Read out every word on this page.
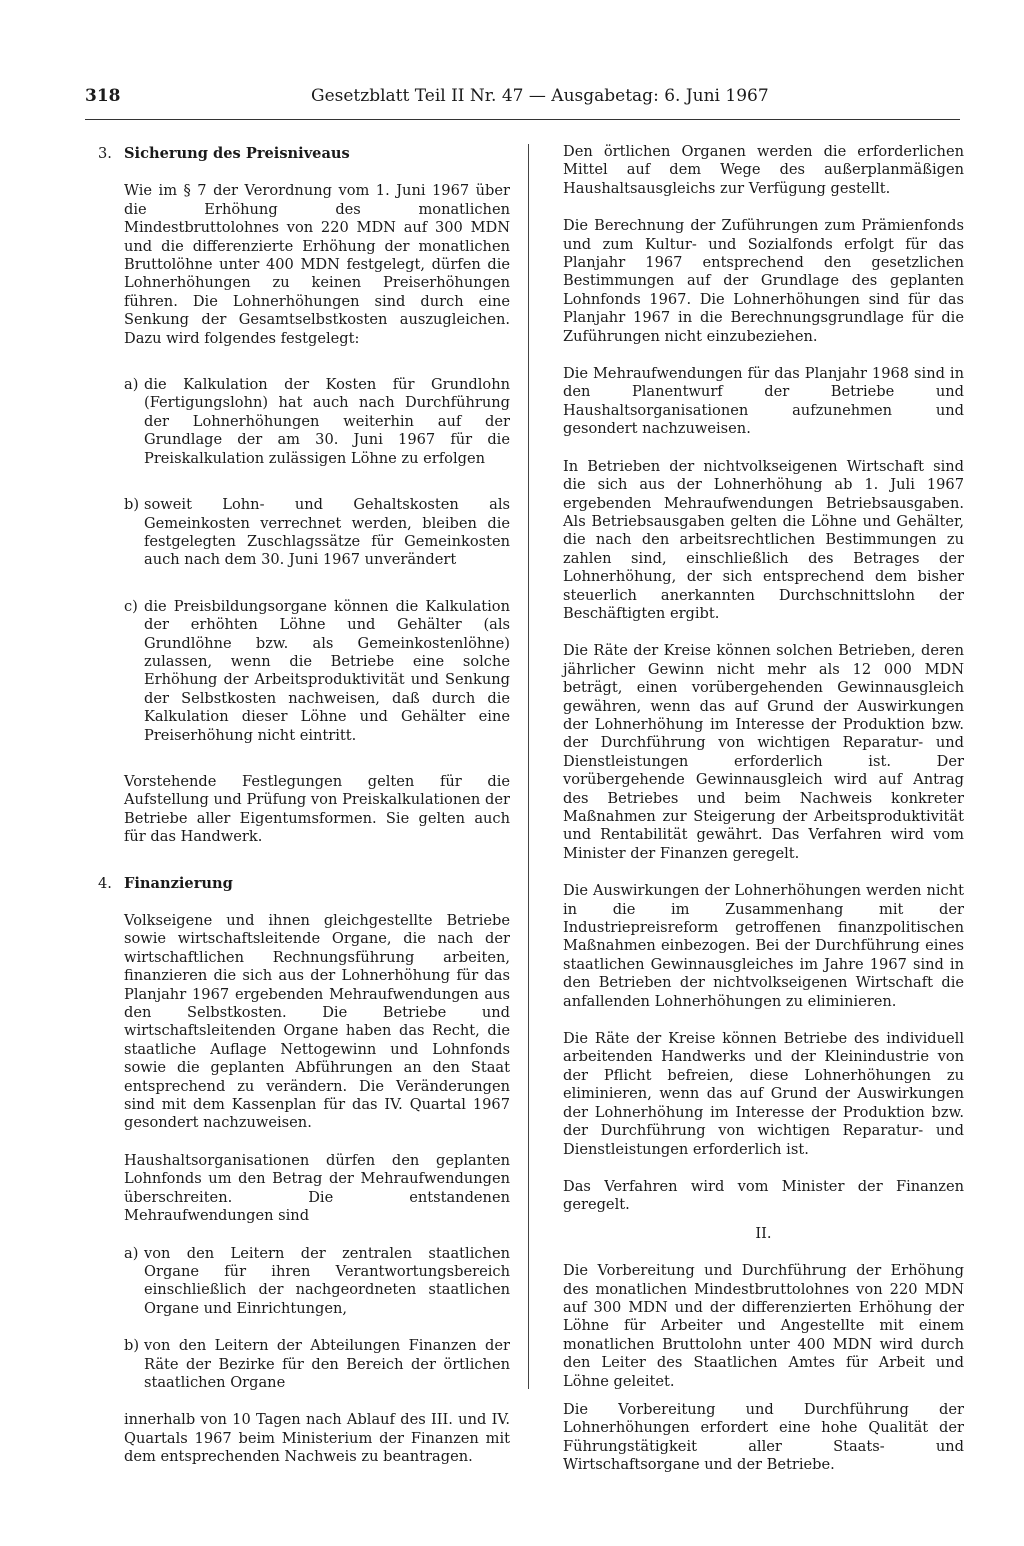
318	Gesetzblatt Teil II Nr. 47 — Ausgabetag: 6. Juni 1967

3. Sicherung des Preisniveaus

Wie im § 7 der Verordnung vom 1. Juni 1967 über die Erhöhung des monatlichen Mindestbruttolohnes von 220 MDN auf 300 MDN und die differenzierte Erhöhung der monatlichen Bruttolöhne unter 400 MDN festgelegt, dürfen die Lohnerhöhungen zu keinen Preiserhöhungen führen. Die Lohnerhöhungen sind durch eine Senkung der Gesamtselbstkosten auszugleichen. Dazu wird folgendes festgelegt:

a) die Kalkulation der Kosten für Grundlohn (Fertigungslohn) hat auch nach Durchführung der Lohnerhöhungen weiterhin auf der Grundlage der am 30. Juni 1967 für die Preiskalkulation zulässigen Löhne zu erfolgen
b) soweit Lohn- und Gehaltskosten als Gemeinkosten verrechnet werden, bleiben die festgelegten Zuschlagssätze für Gemeinkosten auch nach dem 30. Juni 1967 unverändert
c) die Preisbildungsorgane können die Kalkulation der erhöhten Löhne und Gehälter (als Grundlöhne bzw. als Gemeinkostenlöhne) zulassen, wenn die Betriebe eine solche Erhöhung der Arbeitsproduktivität und Senkung der Selbstkosten nachweisen, daß durch die Kalkulation dieser Löhne und Gehälter eine Preiserhöhung nicht eintritt.

Vorstehende Festlegungen gelten für die Aufstellung und Prüfung von Preiskalkulationen der Betriebe aller Eigentumsformen. Sie gelten auch für das Handwerk.

4. Finanzierung

Volkseigene und ihnen gleichgestellte Betriebe sowie wirtschaftsleitende Organe, die nach der wirtschaftlichen Rechnungsführung arbeiten, finanzieren die sich aus der Lohnerhöhung für das Planjahr 1967 ergebenden Mehraufwendungen aus den Selbstkosten. Die Betriebe und wirtschaftsleitenden Organe haben das Recht, die staatliche Auflage Nettogewinn und Lohnfonds sowie die geplanten Abführungen an den Staat entsprechend zu verändern. Die Veränderungen sind mit dem Kassenplan für das IV. Quartal 1967 gesondert nachzuweisen.

Haushaltsorganisationen dürfen den geplanten Lohnfonds um den Betrag der Mehraufwendungen überschreiten. Die entstandenen Mehraufwendungen sind

a) von den Leitern der zentralen staatlichen Organe für ihren Verantwortungsbereich einschließlich der nachgeordneten staatlichen Organe und Einrichtungen,
b) von den Leitern der Abteilungen Finanzen der Räte der Bezirke für den Bereich der örtlichen staatlichen Organe

innerhalb von 10 Tagen nach Ablauf des III. und IV. Quartals 1967 beim Ministerium der Finanzen mit dem entsprechenden Nachweis zu beantragen.

Den örtlichen Organen werden die erforderlichen Mittel auf dem Wege des außerplanmäßigen Haushaltsausgleichs zur Verfügung gestellt.

Die Berechnung der Zuführungen zum Prämienfonds und zum Kultur- und Sozialfonds erfolgt für das Planjahr 1967 entsprechend den gesetzlichen Bestimmungen auf der Grundlage des geplanten Lohnfonds 1967. Die Lohnerhöhungen sind für das Planjahr 1967 in die Berechnungsgrundlage für die Zuführungen nicht einzubeziehen.

Die Mehraufwendungen für das Planjahr 1968 sind in den Planentwurf der Betriebe und Haushaltsorganisationen aufzunehmen und gesondert nachzuweisen.

In Betrieben der nichtvolkseigenen Wirtschaft sind die sich aus der Lohnerhöhung ab 1. Juli 1967 ergebenden Mehraufwendungen Betriebsausgaben. Als Betriebsausgaben gelten die Löhne und Gehälter, die nach den arbeitsrechtlichen Bestimmungen zu zahlen sind, einschließlich des Betrages der Lohnerhöhung, der sich entsprechend dem bisher steuerlich anerkannten Durchschnittslohn der Beschäftigten ergibt.

Die Räte der Kreise können solchen Betrieben, deren jährlicher Gewinn nicht mehr als 12 000 MDN beträgt, einen vorübergehenden Gewinnausgleich gewähren, wenn das auf Grund der Auswirkungen der Lohnerhöhung im Interesse der Produktion bzw. der Durchführung von wichtigen Reparatur- und Dienstleistungen erforderlich ist. Der vorübergehende Gewinnausgleich wird auf Antrag des Betriebes und beim Nachweis konkreter Maßnahmen zur Steigerung der Arbeitsproduktivität und Rentabilität gewährt. Das Verfahren wird vom Minister der Finanzen geregelt.

Die Auswirkungen der Lohnerhöhungen werden nicht in die im Zusammenhang mit der Industriepreisreform getroffenen finanzpolitischen Maßnahmen einbezogen. Bei der Durchführung eines staatlichen Gewinnausgleiches im Jahre 1967 sind in den Betrieben der nichtvolkseigenen Wirtschaft die anfallenden Lohnerhöhungen zu eliminieren.

Die Räte der Kreise können Betriebe des individuell arbeitenden Handwerks und der Kleinindustrie von der Pflicht befreien, diese Lohnerhöhungen zu eliminieren, wenn das auf Grund der Auswirkungen der Lohnerhöhung im Interesse der Produktion bzw. der Durchführung von wichtigen Reparatur- und Dienstleistungen erforderlich ist.

Das Verfahren wird vom Minister der Finanzen geregelt.

II.

Die Vorbereitung und Durchführung der Erhöhung des monatlichen Mindestbruttolohnes von 220 MDN auf 300 MDN und der differenzierten Erhöhung der Löhne für Arbeiter und Angestellte mit einem monatlichen Bruttolohn unter 400 MDN wird durch den Leiter des Staatlichen Amtes für Arbeit und Löhne geleitet.

Die Vorbereitung und Durchführung der Lohnerhöhungen erfordert eine hohe Qualität der Führungstätigkeit aller Staats- und Wirtschaftsorgane und der Betriebe.
